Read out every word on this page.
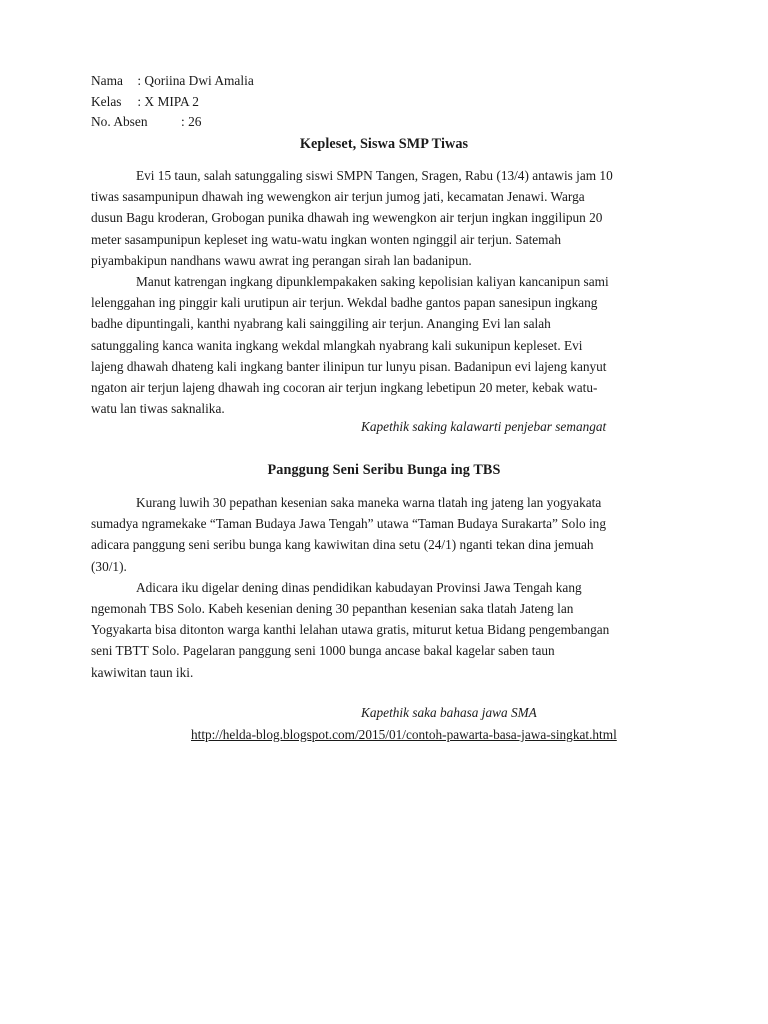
Nama : Qoriina Dwi Amalia
Kelas : X MIPA 2
No. Absen : 26
Kepleset, Siswa SMP Tiwas
Evi 15 taun, salah satunggaling siswi SMPN Tangen, Sragen, Rabu (13/4) antawis jam 10
tiwas sasampunipun dhawah ing wewengkon air terjun jumog jati, kecamatan Jenawi. Warga
dusun Bagu kroderan, Grobogan punika dhawah ing wewengkon air terjun ingkan inggilipun 20
meter sasampunipun kepleset ing watu-watu ingkan wonten nginggil air terjun. Satemah
piyambakipun nandhans wawu awrat ing perangan sirah lan badanipun.
Manut katrengan ingkang dipunklempakaken saking kepolisian kaliyan kancanipun sami
lelenggahan ing pinggir kali urutipun air terjun. Wekdal badhe gantos papan sanesipun ingkang
badhe dipuntingali, kanthi nyabrang kali sainggiling air terjun. Ananging Evi lan salah
satunggaling kanca wanita ingkang wekdal mlangkah nyabrang kali sukunipun kepleset. Evi
lajeng dhawah dhateng kali ingkang banter ilinipun tur lunyu pisan. Badanipun evi lajeng kanyut
ngaton air terjun lajeng dhawah ing cocoran air terjun ingkang lebetipun 20 meter, kebak watu-
watu lan tiwas saknalika.
Kapethik saking kalawarti penjebar semangat
Panggung Seni Seribu Bunga ing TBS
Kurang luwih 30 pepathan kesenian saka maneka warna tlatah ing jateng lan yogyakata
sumadya ngramekake “Taman Budaya Jawa Tengah” utawa “Taman Budaya Surakarta” Solo ing
adicara panggung seni seribu bunga kang kawiwitan dina setu (24/1) nganti tekan dina jemuah
(30/1).
Adicara iku digelar dening dinas pendidikan kabudayan Provinsi Jawa Tengah kang
ngemonah TBS Solo. Kabeh kesenian dening 30 pepanthan kesenian saka tlatah Jateng lan
Yogyakarta bisa ditonton warga kanthi lelahan utawa gratis, miturut ketua Bidang pengembangan
seni TBTT Solo. Pagelaran panggung seni 1000 bunga ancase bakal kagelar saben taun
kawiwitan taun iki.
Kapethik saka bahasa jawa SMA
http://helda-blog.blogspot.com/2015/01/contoh-pawarta-basa-jawa-singkat.html
